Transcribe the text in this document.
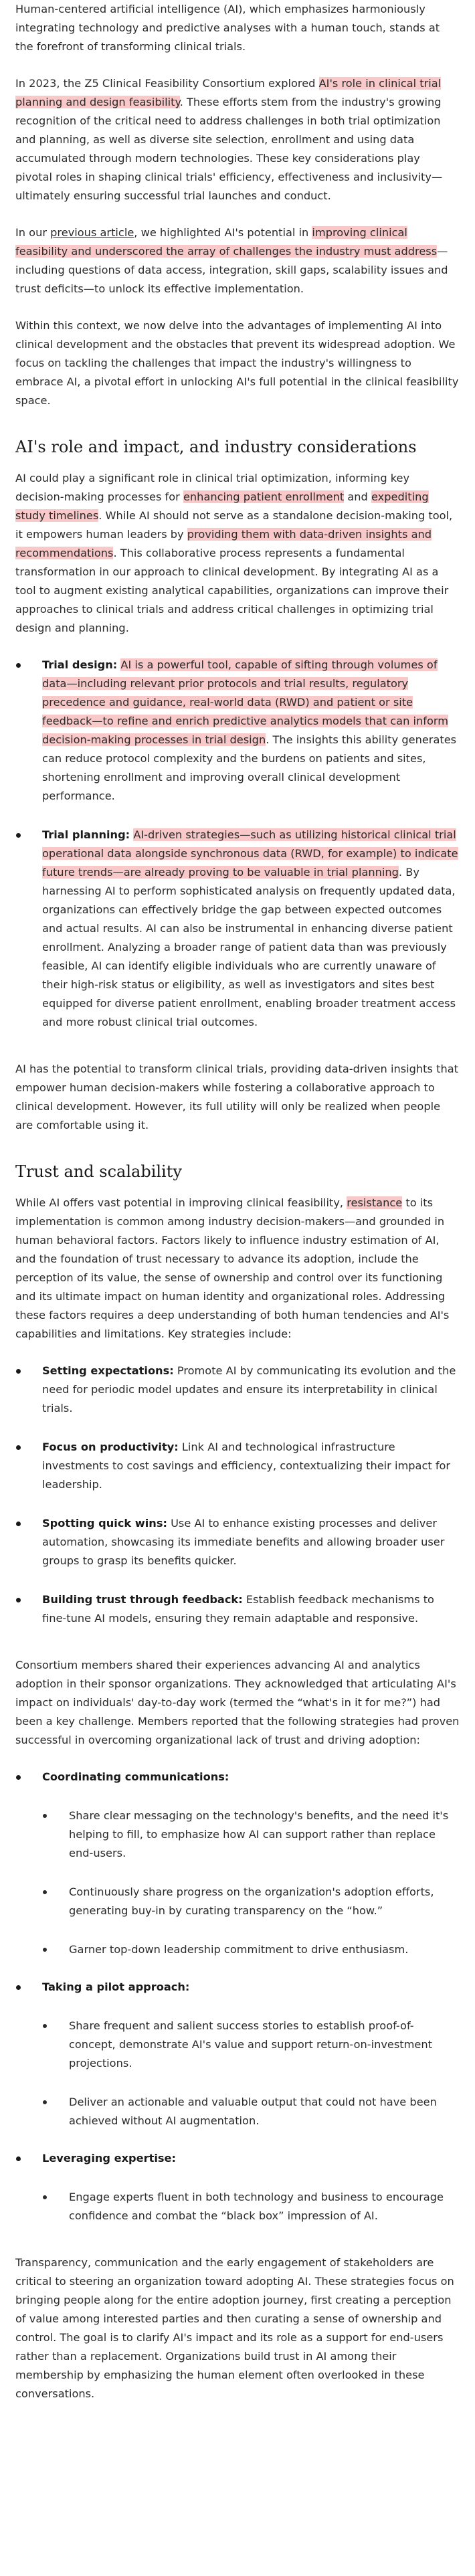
Human-centered artificial intelligence (AI), which emphasizes harmoniously integrating technology and predictive analyses with a human touch, stands at the forefront of transforming clinical trials.

In 2023, the Z5 Clinical Feasibility Consortium explored AI's role in clinical trial planning and design feasibility. These efforts stem from the industry's growing recognition of the critical need to address challenges in both trial optimization and planning, as well as diverse site selection, enrollment and using data accumulated through modern technologies. These key considerations play pivotal roles in shaping clinical trials' efficiency, effectiveness and inclusivity—ultimately ensuring successful trial launches and conduct.

In our previous article, we highlighted AI's potential in improving clinical feasibility and underscored the array of challenges the industry must address—including questions of data access, integration, skill gaps, scalability issues and trust deficits—to unlock its effective implementation.

Within this context, we now delve into the advantages of implementing AI into clinical development and the obstacles that prevent its widespread adoption. We focus on tackling the challenges that impact the industry's willingness to embrace AI, a pivotal effort in unlocking AI's full potential in the clinical feasibility space.

AI's role and impact, and industry considerations

AI could play a significant role in clinical trial optimization, informing key decision-making processes for enhancing patient enrollment and expediting study timelines. While AI should not serve as a standalone decision-making tool, it empowers human leaders by providing them with data-driven insights and recommendations. This collaborative process represents a fundamental transformation in our approach to clinical development. By integrating AI as a tool to augment existing analytical capabilities, organizations can improve their approaches to clinical trials and address critical challenges in optimizing trial design and planning.

Trial design: AI is a powerful tool, capable of sifting through volumes of data—including relevant prior protocols and trial results, regulatory precedence and guidance, real-world data (RWD) and patient or site feedback—to refine and enrich predictive analytics models that can inform decision-making processes in trial design. The insights this ability generates can reduce protocol complexity and the burdens on patients and sites, shortening enrollment and improving overall clinical development performance.
Trial planning: AI-driven strategies—such as utilizing historical clinical trial operational data alongside synchronous data (RWD, for example) to indicate future trends—are already proving to be valuable in trial planning. By harnessing AI to perform sophisticated analysis on frequently updated data, organizations can effectively bridge the gap between expected outcomes and actual results. AI can also be instrumental in enhancing diverse patient enrollment. Analyzing a broader range of patient data than was previously feasible, AI can identify eligible individuals who are currently unaware of their high-risk status or eligibility, as well as investigators and sites best equipped for diverse patient enrollment, enabling broader treatment access and more robust clinical trial outcomes.

AI has the potential to transform clinical trials, providing data-driven insights that empower human decision-makers while fostering a collaborative approach to clinical development. However, its full utility will only be realized when people are comfortable using it.

Trust and scalability

While AI offers vast potential in improving clinical feasibility, resistance to its implementation is common among industry decision-makers—and grounded in human behavioral factors. Factors likely to influence industry estimation of AI, and the foundation of trust necessary to advance its adoption, include the perception of its value, the sense of ownership and control over its functioning and its ultimate impact on human identity and organizational roles. Addressing these factors requires a deep understanding of both human tendencies and AI's capabilities and limitations. Key strategies include:

Setting expectations: Promote AI by communicating its evolution and the need for periodic model updates and ensure its interpretability in clinical trials.
Focus on productivity: Link AI and technological infrastructure investments to cost savings and efficiency, contextualizing their impact for leadership.
Spotting quick wins: Use AI to enhance existing processes and deliver automation, showcasing its immediate benefits and allowing broader user groups to grasp its benefits quicker.
Building trust through feedback: Establish feedback mechanisms to fine-tune AI models, ensuring they remain adaptable and responsive.

Consortium members shared their experiences advancing AI and analytics adoption in their sponsor organizations. They acknowledged that articulating AI's impact on individuals' day-to-day work (termed the “what's in it for me?”) had been a key challenge. Members reported that the following strategies had proven successful in overcoming organizational lack of trust and driving adoption:

Coordinating communications:
Share clear messaging on the technology's benefits, and the need it's helping to fill, to emphasize how AI can support rather than replace end-users.
Continuously share progress on the organization's adoption efforts, generating buy-in by curating transparency on the “how.”
Garner top-down leadership commitment to drive enthusiasm.
Taking a pilot approach:
Share frequent and salient success stories to establish proof-of-concept, demonstrate AI's value and support return-on-investment projections.
Deliver an actionable and valuable output that could not have been achieved without AI augmentation.
Leveraging expertise:
Engage experts fluent in both technology and business to encourage confidence and combat the “black box” impression of AI.

Transparency, communication and the early engagement of stakeholders are critical to steering an organization toward adopting AI. These strategies focus on bringing people along for the entire adoption journey, first creating a perception of value among interested parties and then curating a sense of ownership and control. The goal is to clarify AI's impact and its role as a support for end-users rather than a replacement. Organizations build trust in AI among their membership by emphasizing the human element often overlooked in these conversations.
